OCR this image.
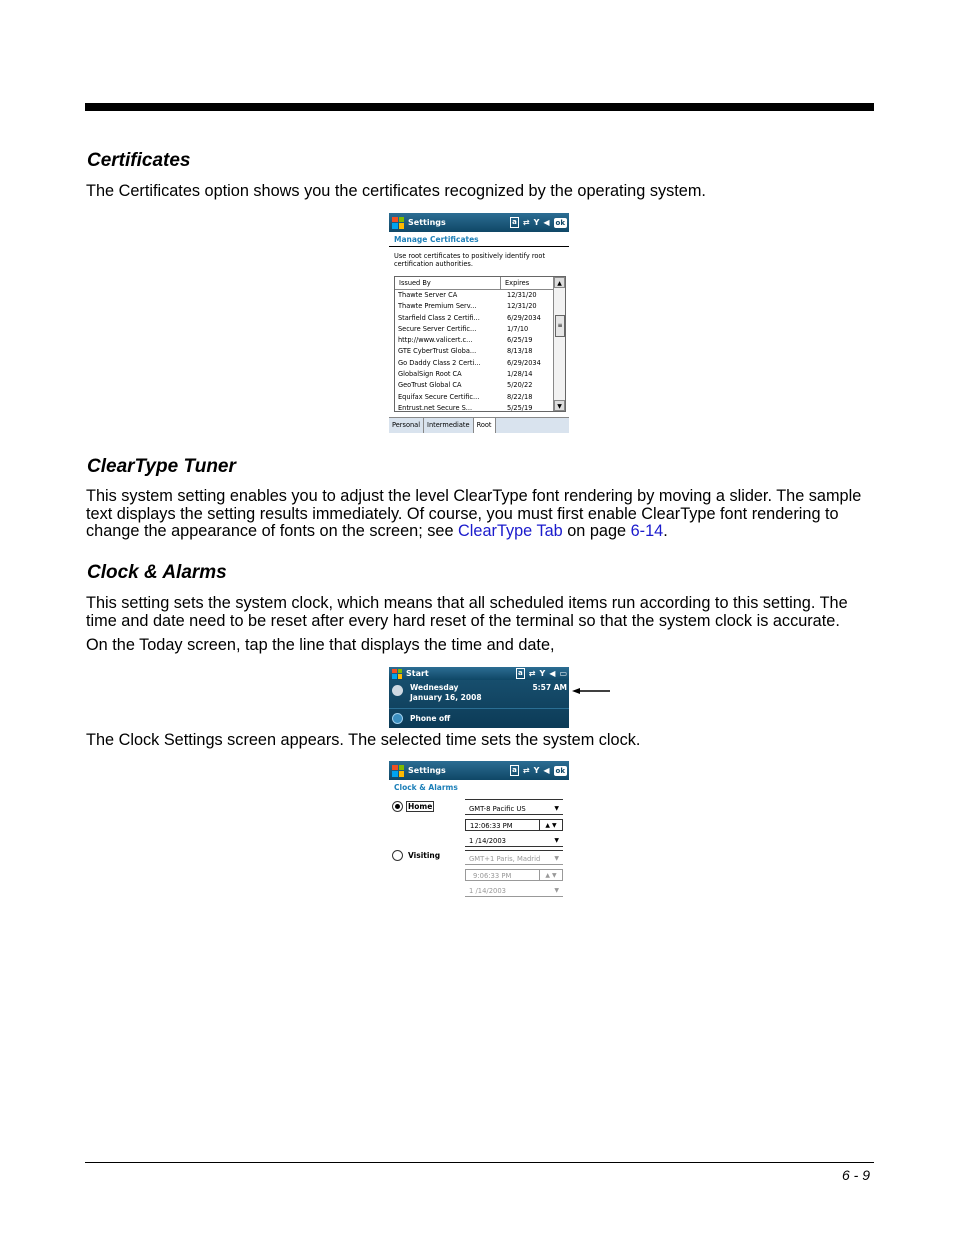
Certificates
The Certificates option shows you the certificates recognized by the operating system.
Settings	a ⇄ Y ◀ ok
Manage Certificates
Use root certificates to positively identify root certification authorities.
Issued By	Expires
Thawte Server CA	12/31/20
Thawte Premium Serv...	12/31/20
Starfield Class 2 Certifi...	6/29/2034
Secure Server Certific...	1/7/10
http://www.valicert.c...	6/25/19
GTE CyberTrust Globa...	8/13/18
Go Daddy Class 2 Certi...	6/29/2034
GlobalSign Root CA	1/28/14
GeoTrust Global CA	5/20/22
Equifax Secure Certific...	8/22/18
Entrust.net Secure S...	5/25/19
▲
≡
▼
Personal	Intermediate	Root
ClearType Tuner
This system setting enables you to adjust the level ClearType font rendering by moving a slider. The sample text displays the setting results immediately. Of course, you must first enable ClearType font rendering to change the appearance of fonts on the screen; see ClearType Tab on page 6-14.
Clock & Alarms
This setting sets the system clock, which means that all scheduled items run according to this setting. The time and date need to be reset after every hard reset of the terminal so that the system clock is accurate.
On the Today screen, tap the line that displays the time and date,
Start	a ⇄ Y ◀ ▭
Wednesday
January 16, 2008
5:57 AM
Phone off
The Clock Settings screen appears. The selected time sets the system clock.
Settings	a ⇄ Y ◀ ok
Clock & Alarms
Home	GMT-8 Pacific US	▼
12:06:33 PM	▲ ▼
1 /14/2003	▼
Visiting	GMT+1 Paris, Madrid ▼
9:06:33 PM	▲ ▼
1 /14/2003	▼
6 - 9
